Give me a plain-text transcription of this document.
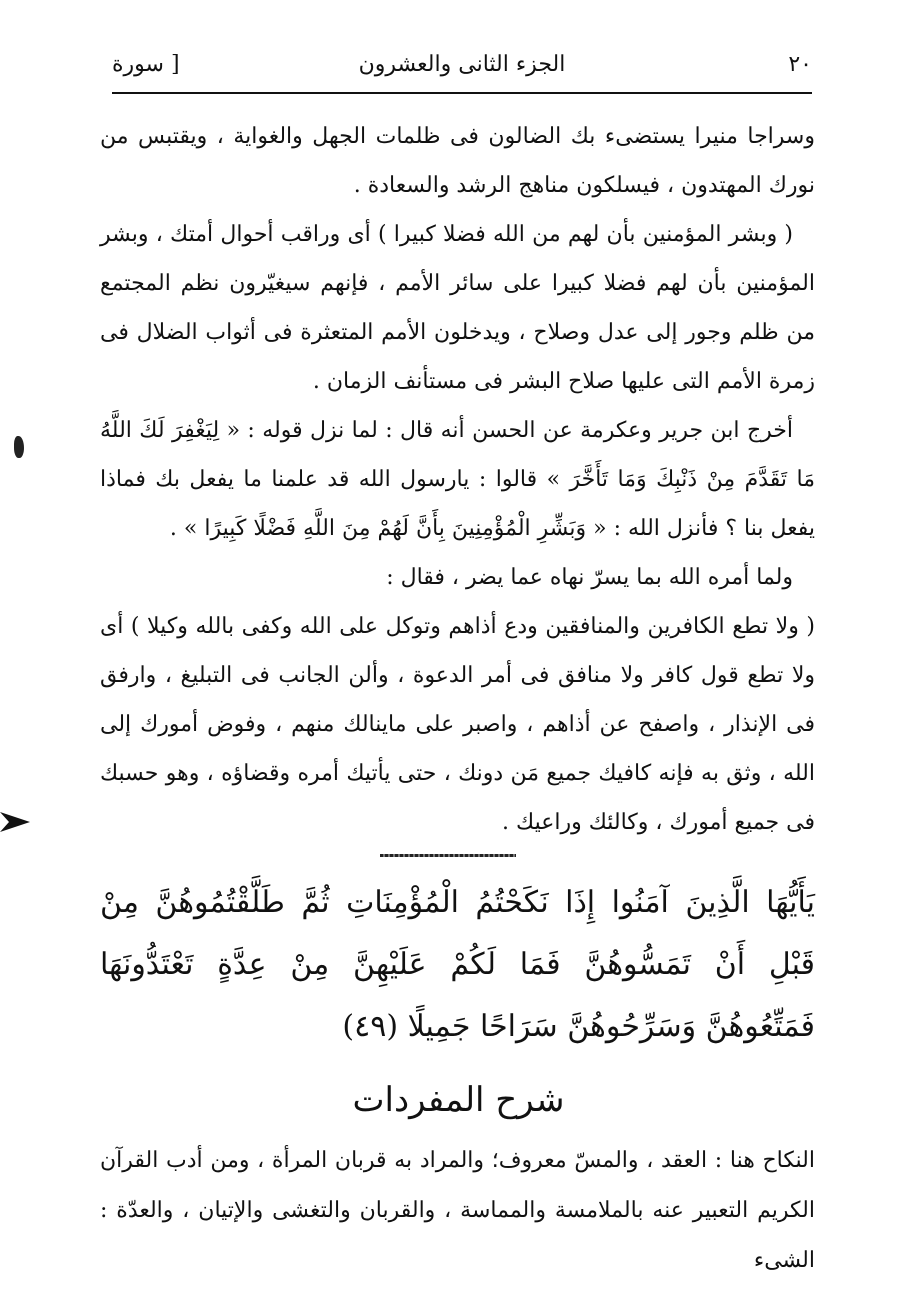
٢٠
الجزء الثانى والعشرون
[ سورة

وسراجا منيرا يستضىء بك الضالون فى ظلمات الجهل والغواية ، ويقتبس من نورك المهتدون ، فيسلكون مناهج الرشد والسعادة .

( وبشر المؤمنين بأن لهم من الله فضلا كبيرا ) أى وراقب أحوال أمتك ، وبشر المؤمنين بأن لهم فضلا كبيرا على سائر الأمم ، فإنهم سيغيّرون نظم المجتمع من ظلم وجور إلى عدل وصلاح ، ويدخلون الأمم المتعثرة فى أثواب الضلال فى زمرة الأمم التى عليها صلاح البشر فى مستأنف الزمان .

أخرج ابن جرير وعكرمة عن الحسن أنه قال : لما نزل قوله : « لِيَغْفِرَ لَكَ اللَّهُ مَا تَقَدَّمَ مِنْ ذَنْبِكَ وَمَا تَأَخَّرَ » قالوا : يارسول الله قد علمنا ما يفعل بك فماذا يفعل بنا ؟ فأنزل الله : « وَبَشِّرِ الْمُؤْمِنِينَ بِأَنَّ لَهُمْ مِنَ اللَّهِ فَضْلًا كَبِيرًا » .

ولما أمره الله بما يسرّ نهاه عما يضر ، فقال :

( ولا تطع الكافرين والمنافقين ودع أذاهم وتوكل على الله وكفى بالله وكيلا ) أى ولا تطع قول كافر ولا منافق فى أمر الدعوة ، وألن الجانب فى التبليغ ، وارفق فى الإنذار ، واصفح عن أذاهم ، واصبر على ماينالك منهم ، وفوض أمورك إلى الله ، وثق به فإنه كافيك جميع مَن دونك ، حتى يأتيك أمره وقضاؤه ، وهو حسبك فى جميع أمورك ، وكالئك وراعيك .

يَأَيُّهَا الَّذِينَ آمَنُوا إِذَا نَكَحْتُمُ الْمُؤْمِنَاتِ ثُمَّ طَلَّقْتُمُوهُنَّ مِنْ قَبْلِ أَنْ تَمَسُّوهُنَّ فَمَا لَكُمْ عَلَيْهِنَّ مِنْ عِدَّةٍ تَعْتَدُّونَهَا فَمَتِّعُوهُنَّ وَسَرِّحُوهُنَّ سَرَاحًا جَمِيلًا (٤٩)
شرح المفردات
النكاح هنا : العقد ، والمسّ معروف؛ والمراد به قربان المرأة ، ومن أدب القرآن الكريم التعبير عنه بالملامسة والمماسة ، والقربان والتغشى والإتيان ، والعدّة : الشىء
